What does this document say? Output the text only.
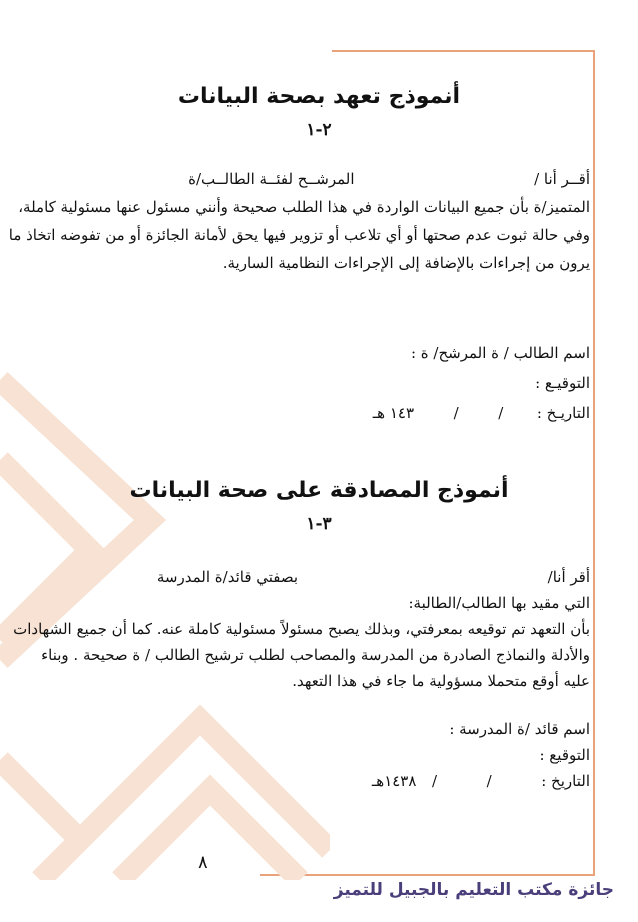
أنموذج تعهد بصحة البيانات
٢-١
أقــر أنا /  المرشــح لفئــة الطالــب/ة
المتميز/ة بأن جميع البيانات الواردة في هذا الطلب صحيحة وأنني مسئول عنها مسئولية كاملة،
وفي حالة ثبوت عدم صحتها أو أي تلاعب أو تزوير فيها يحق لأمانة الجائزة أو من تفوضه اتخاذ ما
يرون من إجراءات بالإضافة إلى الإجراءات النظامية السارية.
اسم الطالب / ة المرشح/ ة :
التوقيـع :
التاريـخ :  /  /  ١٤٣ هـ
أنموذج المصادقة على صحة البيانات
٣-١
أقر أنا/  بصفتي قائد/ة المدرسة
التي مقيد بها الطالب/الطالبة:
بأن التعهد تم توقيعه بمعرفتي، وبذلك يصبح مسئولاً مسئولية كاملة عنه. كما أن جميع الشهادات
والأدلة والنماذج الصادرة من المدرسة والمصاحب لطلب ترشيح الطالب / ة صحيحة . وبناء
عليه أوقع متحملا مسؤولية ما جاء في هذا التعهد.
اسم قائد /ة المدرسة :
التوقيع :
التاريخ :  /  /  ١٤٣٨هـ
٨
جائزة مكتب التعليم بالجبيل للتميز
